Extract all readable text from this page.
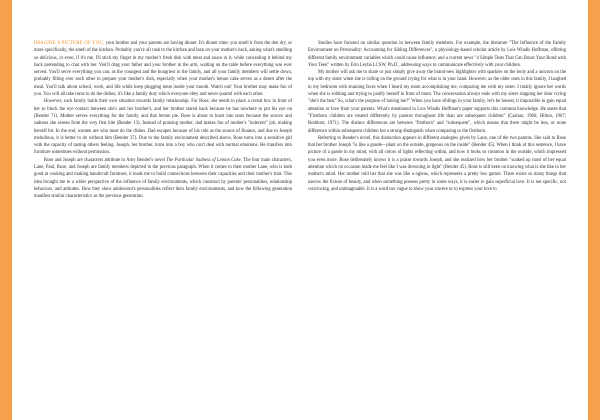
IMAGINE A PICTURE OF YOU, your brother and your parents are having dinner. It's dinner time; you smell it from the den dry, or more specifically, the smell of the kitchen. Probably you're all rush to the kitchen and lean on your mother's back, asking what's smelling so delicious, or even, if it's me, I'll stick my finger in my mother's fresh dish with meat and sauce in it, while concealing it behind my back pretending to chat with her. You'll drag your father and your brother in the arm, waiting on the table before everything was ever served. You'll serve everything you can, as the youngest and the hungriest in the family, and all your family members will settle down, probably filling over each other to prepare your mother's dish, especially when your mother's lemon cake serves as a desert after the meal. You'll talk about school, work, and life while keep plugging meat inside your mouth. Watch out! Your brother may make fun of you. You will all take turns to do the dishes; it's like a family duty which everyone obey and never quarrel with each other.

However, such family holds their own situation towards family relationship. For Rose, she needs to place a cereal box in front of her to block the eye contact between she's and her brother's, and her brother stared back because he has nowhere to put his eye on (Bender 71). Mother serves everything for the family, and that lemon pie, Rose is about to burst into tears because the sorrow and sadness she senses from the very first bite (Bender 13). Instead of praising mother, dad makes fun of mother's "indecent" job, making herself bit. In the end, women are who must do the dishes. Dad escapes because of his role as the source of finance, and due to Joseph melodious, it is better to do without him (Bender 37). Due to the family environment described above, Rose turns into a sensitive girl with the capacity of tasting others feeling. Joseph, her brother, turns into a boy who can't deal with normal emotions. He transfers into furniture sometimes without permission.

Rose and Joseph are characters attribute to Amy Bender's novel The Particular Sadness of Lemon Cake. The four main characters, Lane, Paul, Rose, and Joseph are family members depicted in the previous paragraph. When it comes to their mother Lane, who is both good at cooking and making handicraft furniture, it leads me to build connections between their capacities and their mother's trait. This idea brought me to a wider perspective of the influence of family environments, which construct by parents' personalities, relationship behaviors, and attitudes. How they show adolescent's personalities reflect their family environments, and how the following generation manifest similar characteristics as the previous generation.

Studies have focused on similar question in between family members. For example, the literature "The Influence of the Family Environment on Personality: Accounting for Sibling Differences", a physiology-based scholar article by Lois Wladis Hoffman, offering different family environment variables which could cause influence; and a current news "4 Simple Tests That Can Boost Your Bond with Your Teen" written by Erin Leyba LCSW, Ph.D., addressing ways to communicate effectively with your children.

My mother will ask me to share or just simply give away the brand-new highlighter with sparkles on the body and a unicorn on the top with my sister when she is rolling on the ground crying for what is in your hand. However, as the older ones in this family, I laughed in my bedroom with stunning faces when I heard my mom accomplishing me, comparing me with my sister. I totally ignore her words when she is sobbing and trying to justify herself in front of mom. The conversation always ends with my sister slapping her door crying "she's the best" So, what's the purpose of having me?" When you have siblings in your family, let's be honest, it impossible to gain equal attention or love from your parents. What's mentioned in Lois Wladis Hoffman's paper supports this common knowledge. He states that "Firstborn children are treated differently by parents throughout life than are subsequent children" (Cashun, 1966; Hilton, 1967; Rothbart, 1971). The distinct differences are between "firstborn" and "subsequent", which means that there might be less, or none difference within subsequent children but a strong distinguish when comparing to the firstborn.

Referring to Bender's novel, this distinction appears in different analogies given by Lane, one of the two parents. She said to Rose that her brother Joseph "is like a goode—plant on the outside, gorgeous on the inside" (Bender 45). When I think of this sentence, I have picture of a gaode in my mind, with all colors of lights reflecting within, and how it looks so common in the outside, which impressed you even more. Rose deliberately knows it is a praise towards Joseph, and she realized how her brother "soaked up most of her equal attention which on occasion made me feel like I was drowning in light" (Bender 45). Rose is still keen on knowing what is she like in her mother's mind. Her mother told her that she was like a ogleus, which represents a pretty low gamut. There exists so many things that narrow the fixture of beauty, and when something possess pretty in some ways, it is easier to gain superficial love. It is not specific, not convincing, and unimaginable. It is a word too vague to show your sincere or to express your love to
